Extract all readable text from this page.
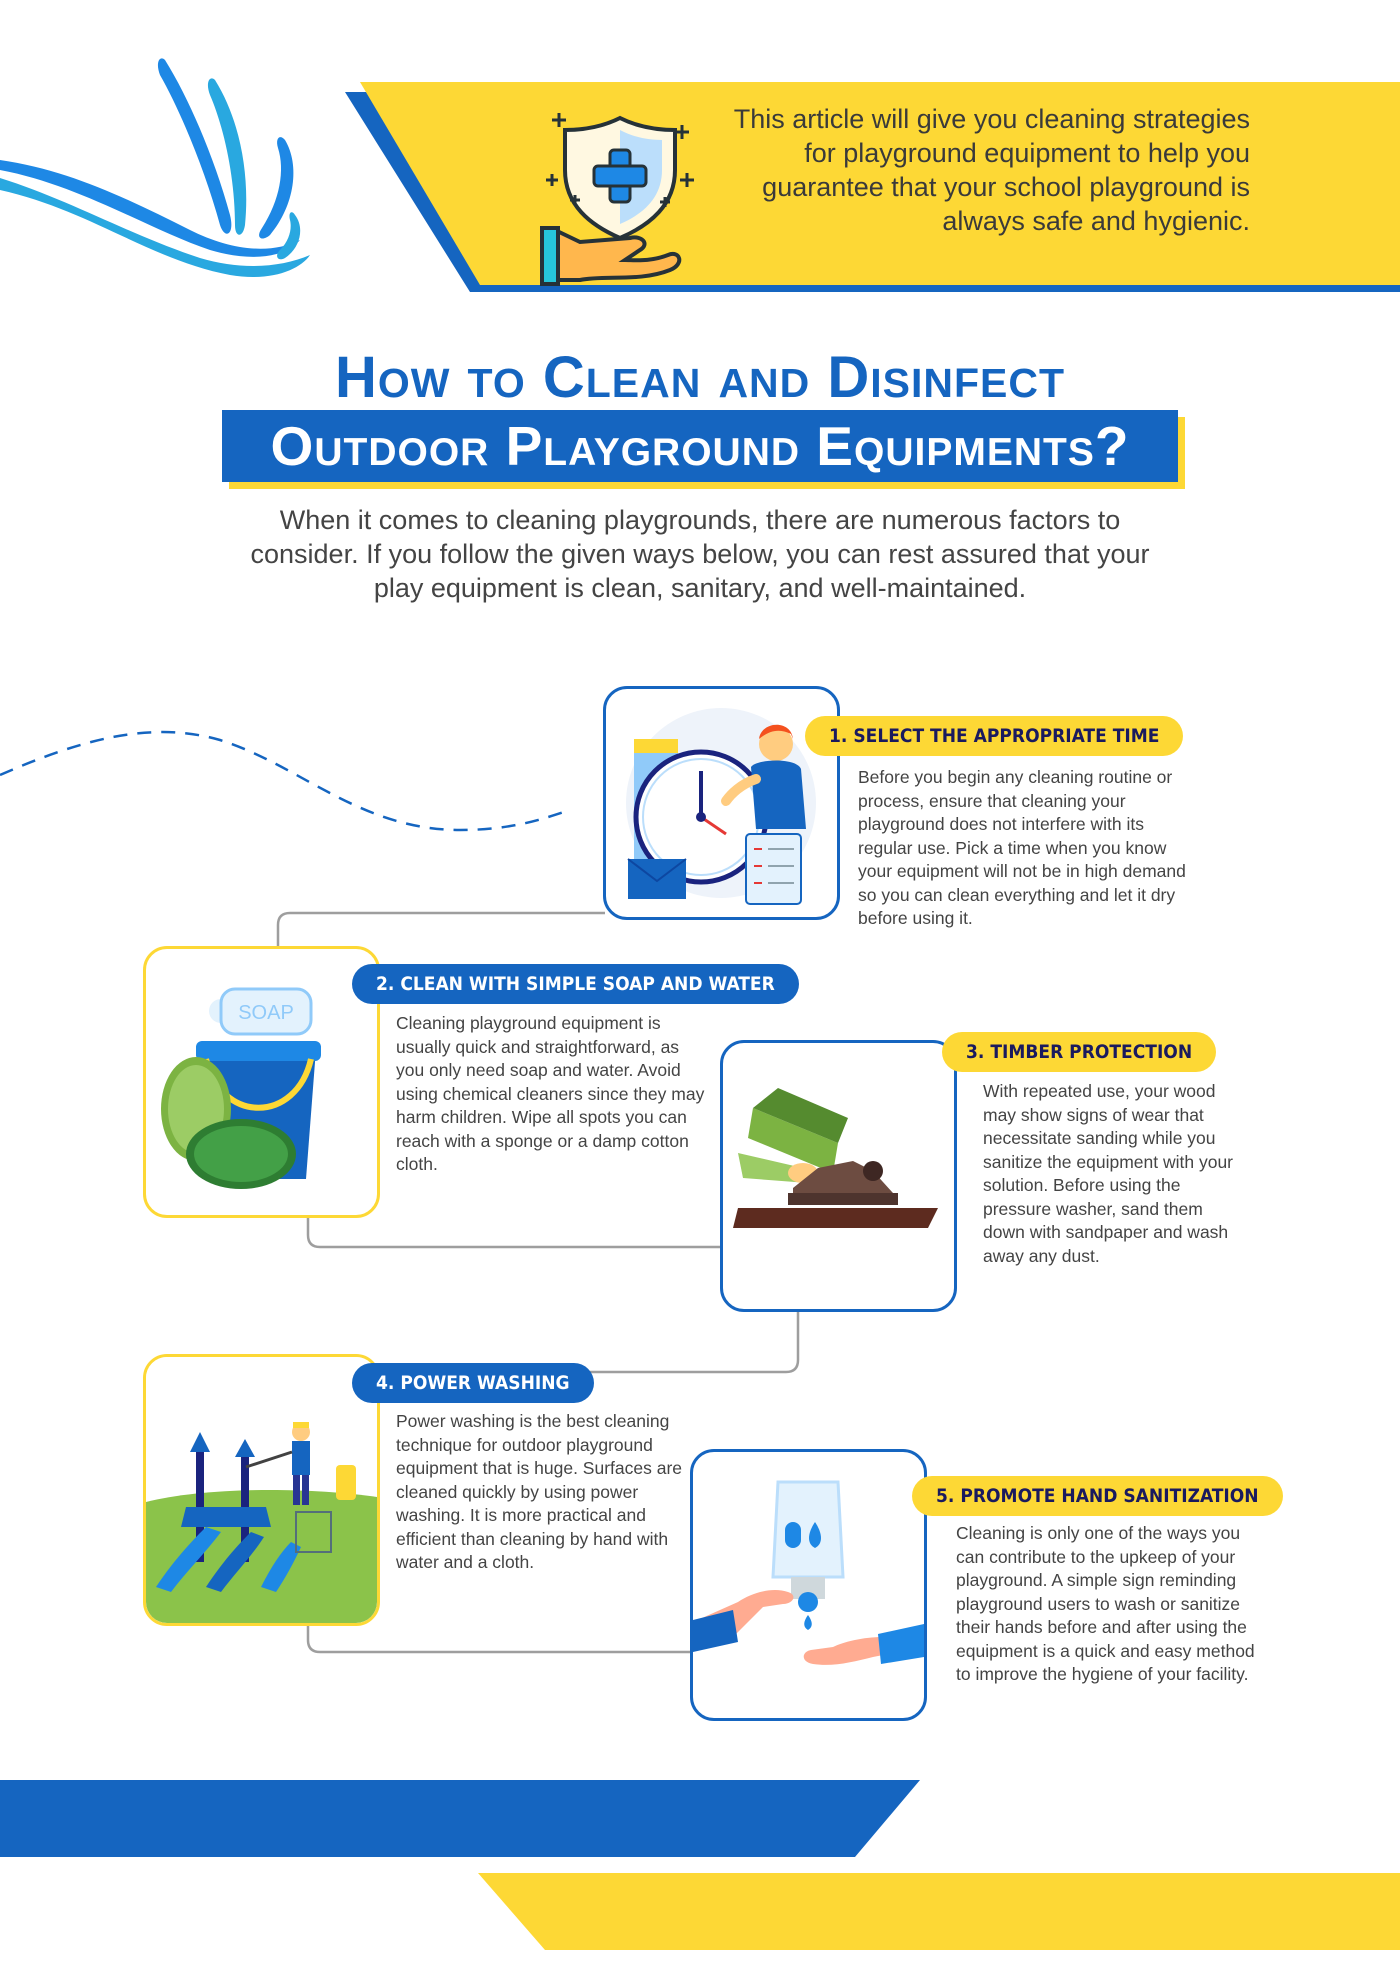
This article will give you cleaning strategies for playground equipment to help you guarantee that your school playground is always safe and hygienic.
How to Clean and Disinfect
Outdoor Playground Equipments?
When it comes to cleaning playgrounds, there are numerous factors to consider. If you follow the given ways below, you can rest assured that your play equipment is clean, sanitary, and well-maintained.
1. SELECT THE APPROPRIATE TIME
Before you begin any cleaning routine or process, ensure that cleaning your playground does not interfere with its regular use. Pick a time when you know your equipment will not be in high demand so you can clean everything and let it dry before using it.
SOAP
2. CLEAN WITH SIMPLE SOAP AND WATER
Cleaning playground equipment is usually quick and straightforward, as you only need soap and water. Avoid using chemical cleaners since they may harm children. Wipe all spots you can reach with a sponge or a damp cotton cloth.
3. TIMBER PROTECTION
With repeated use, your wood may show signs of wear that necessitate sanding while you sanitize the equipment with your solution. Before using the pressure washer, sand them down with sandpaper and wash away any dust.
4. POWER WASHING
Power washing is the best cleaning technique for outdoor playground equipment that is huge. Surfaces are cleaned quickly by using power washing. It is more practical and efficient than cleaning by hand with water and a cloth.
5. PROMOTE HAND SANITIZATION
Cleaning is only one of the ways you can contribute to the upkeep of your playground. A simple sign reminding playground users to wash or sanitize their hands before and after using the equipment is a quick and easy method to improve the hygiene of your facility.
